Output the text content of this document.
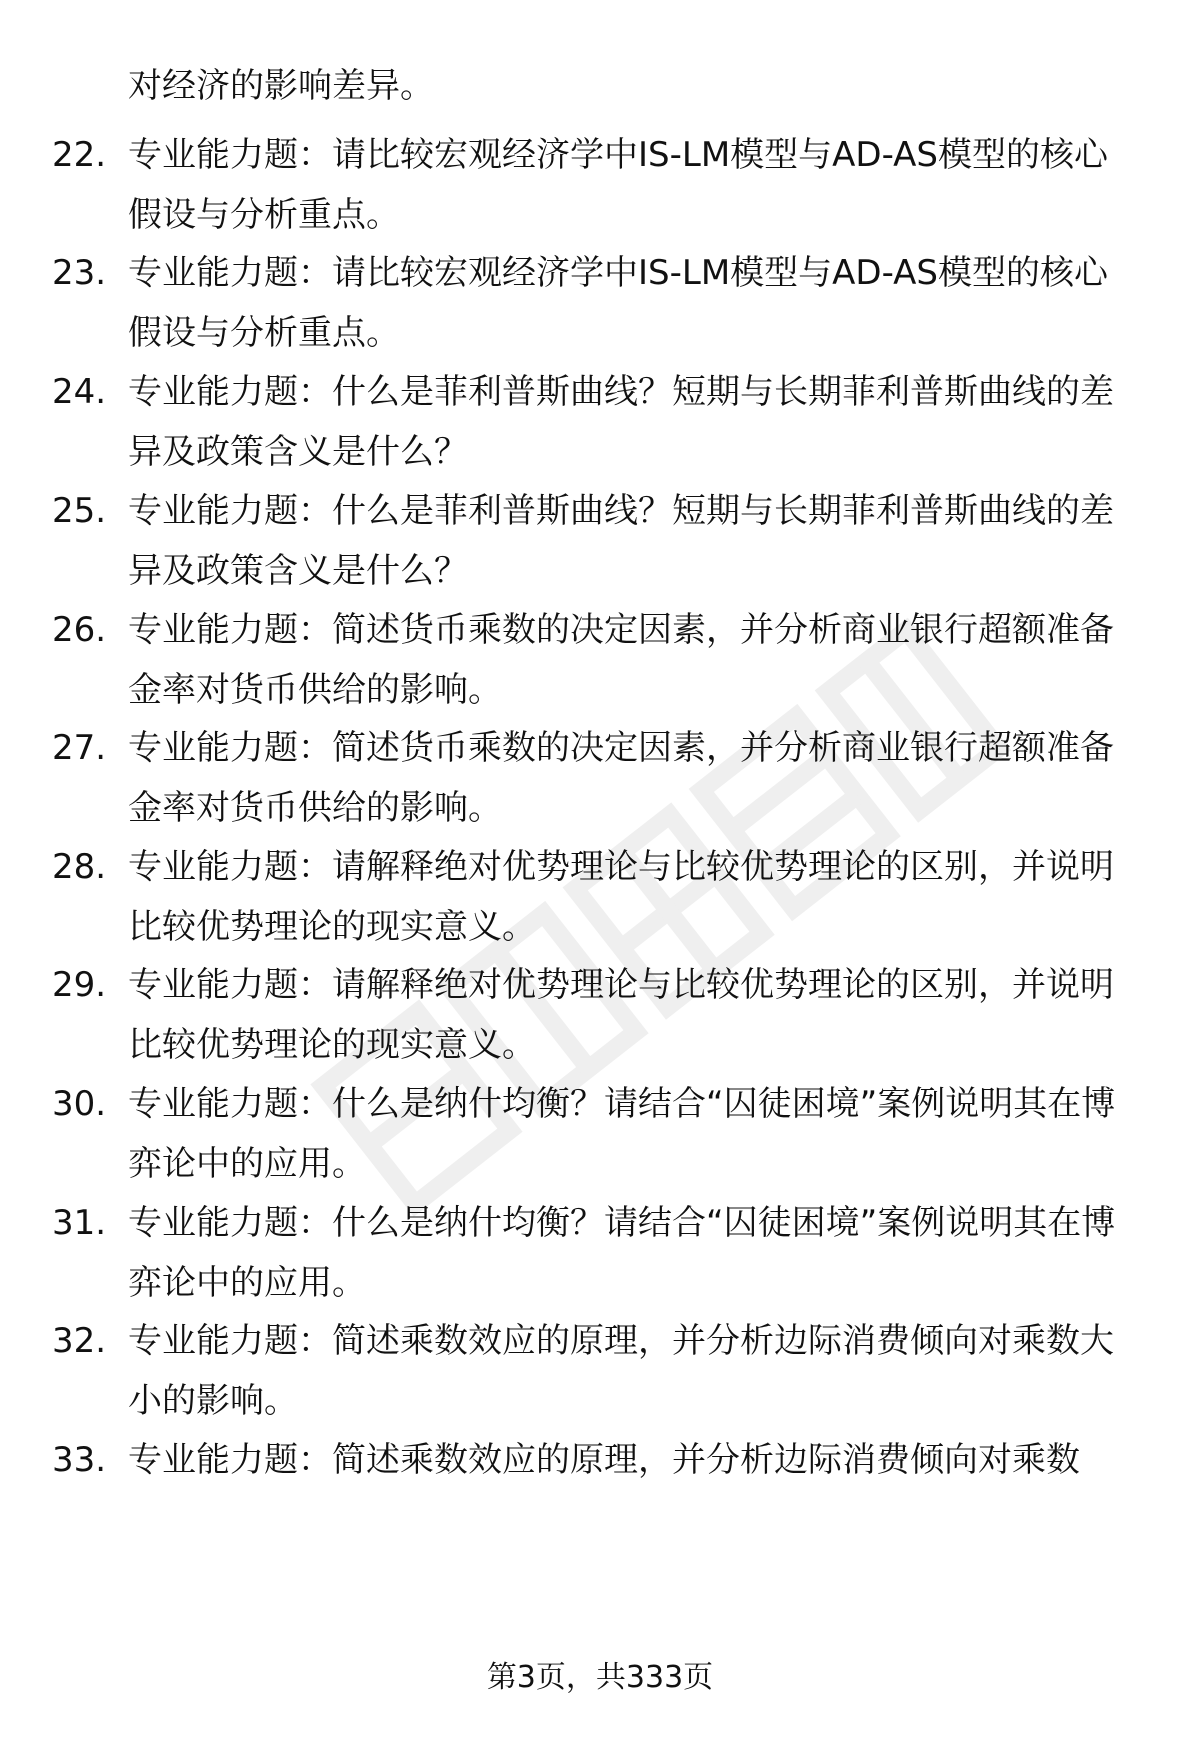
对经济的影响差异。
22. 专业能力题：请比较宏观经济学中IS-LM模型与AD-AS模型的核心假设与分析重点。
23. 专业能力题：请比较宏观经济学中IS-LM模型与AD-AS模型的核心假设与分析重点。
24. 专业能力题：什么是菲利普斯曲线？短期与长期菲利普斯曲线的差异及政策含义是什么？
25. 专业能力题：什么是菲利普斯曲线？短期与长期菲利普斯曲线的差异及政策含义是什么？
26. 专业能力题：简述货币乘数的决定因素，并分析商业银行超额准备金率对货币供给的影响。
27. 专业能力题：简述货币乘数的决定因素，并分析商业银行超额准备金率对货币供给的影响。
28. 专业能力题：请解释绝对优势理论与比较优势理论的区别，并说明比较优势理论的现实意义。
29. 专业能力题：请解释绝对优势理论与比较优势理论的区别，并说明比较优势理论的现实意义。
30. 专业能力题：什么是纳什均衡？请结合“囚徒困境”案例说明其在博弈论中的应用。
31. 专业能力题：什么是纳什均衡？请结合“囚徒困境”案例说明其在博弈论中的应用。
32. 专业能力题：简述乘数效应的原理，并分析边际消费倾向对乘数大小的影响。
33. 专业能力题：简述乘数效应的原理，并分析边际消费倾向对乘数
第3页，共333页
